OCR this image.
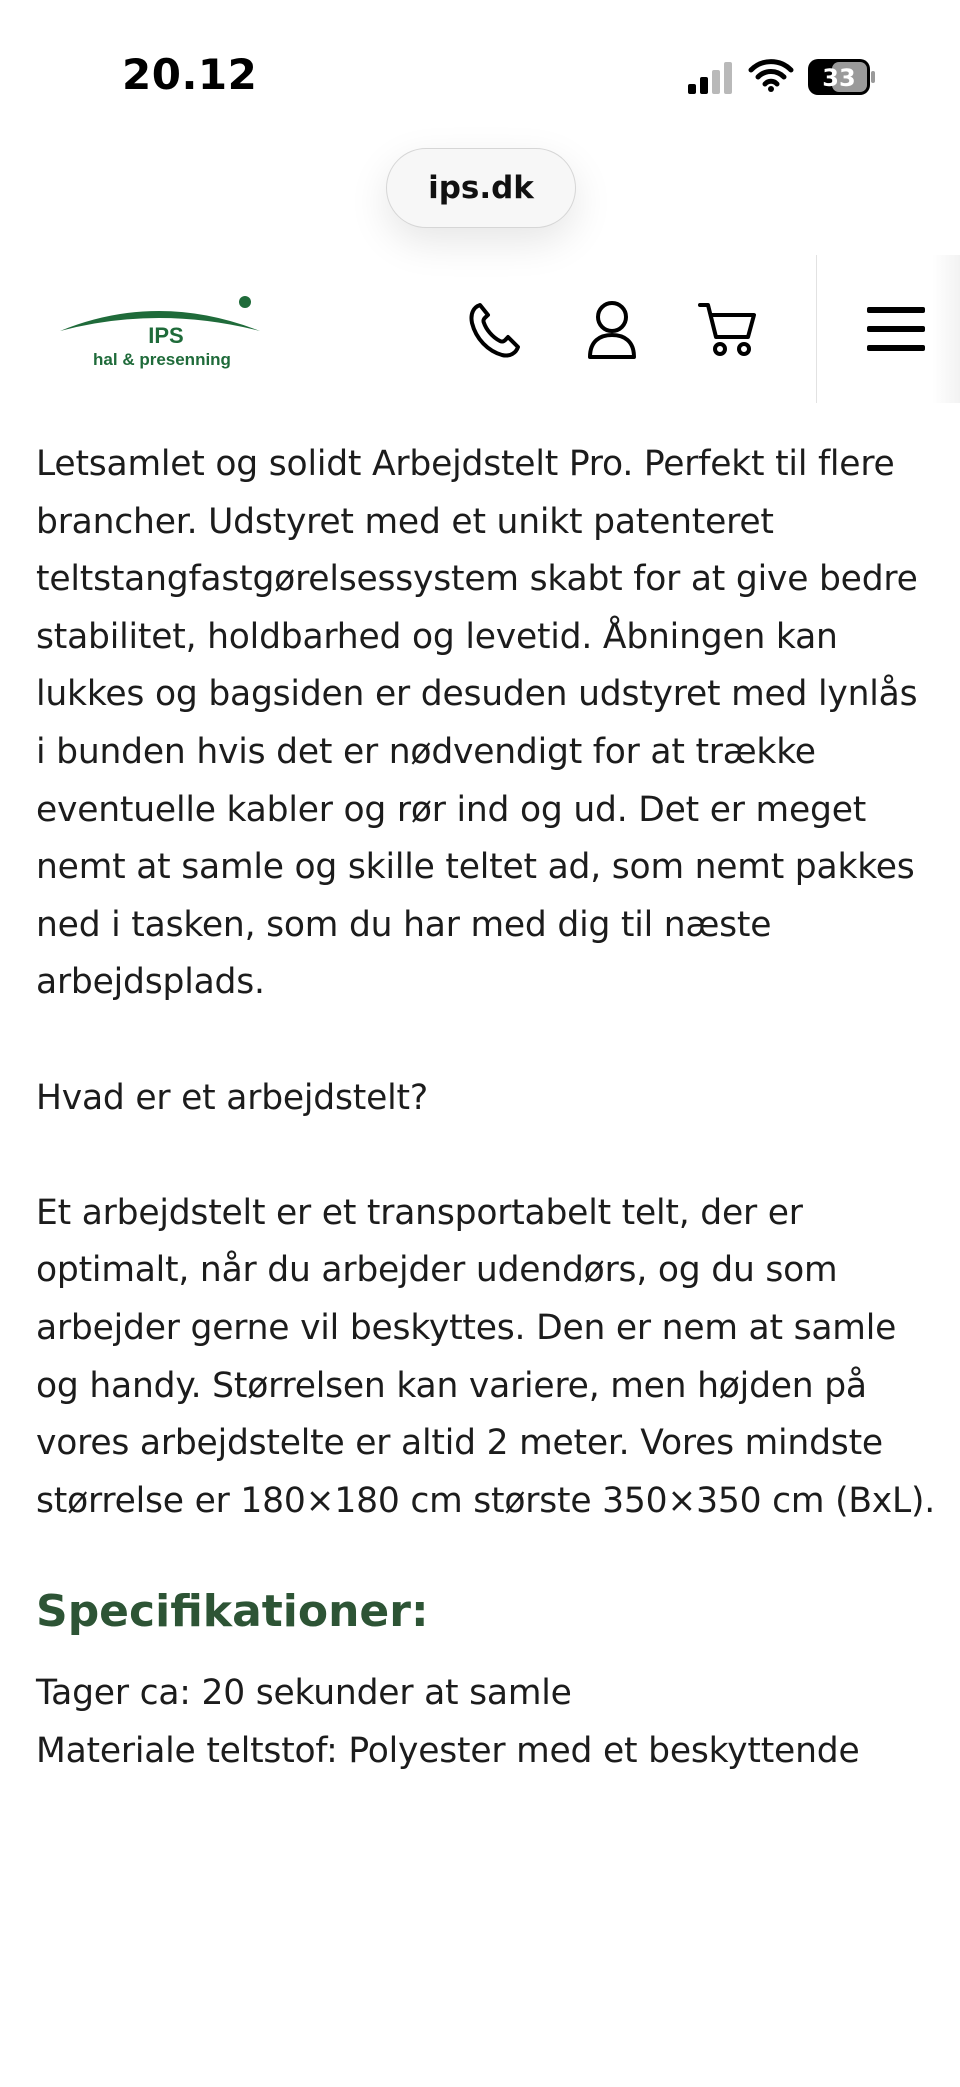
20.12	33
ips.dk
IPS
hal & presenning

Letsamlet og solidt Arbejdstelt Pro. Perfekt til flere brancher. Udstyret med et unikt patenteret teltstangfastgørelsessystem skabt for at give bedre stabilitet, holdbarhed og levetid. Åbningen kan lukkes og bagsiden er desuden udstyret med lynlås i bunden hvis det er nødvendigt for at trække eventuelle kabler og rør ind og ud. Det er meget nemt at samle og skille teltet ad, som nemt pakkes ned i tasken, som du har med dig til næste arbejdsplads.

Hvad er et arbejdstelt?

Et arbejdstelt er et transportabelt telt, der er optimalt, når du arbejder udendørs, og du som arbejder gerne vil beskyttes. Den er nem at samle og handy. Størrelsen kan variere, men højden på vores arbejdstelte er altid 2 meter. Vores mindste størrelse er 180×180 cm største 350×350 cm (BxL).

Specifikationer:

Tager ca: 20 sekunder at samle

Materiale teltstof: Polyester med et beskyttende
